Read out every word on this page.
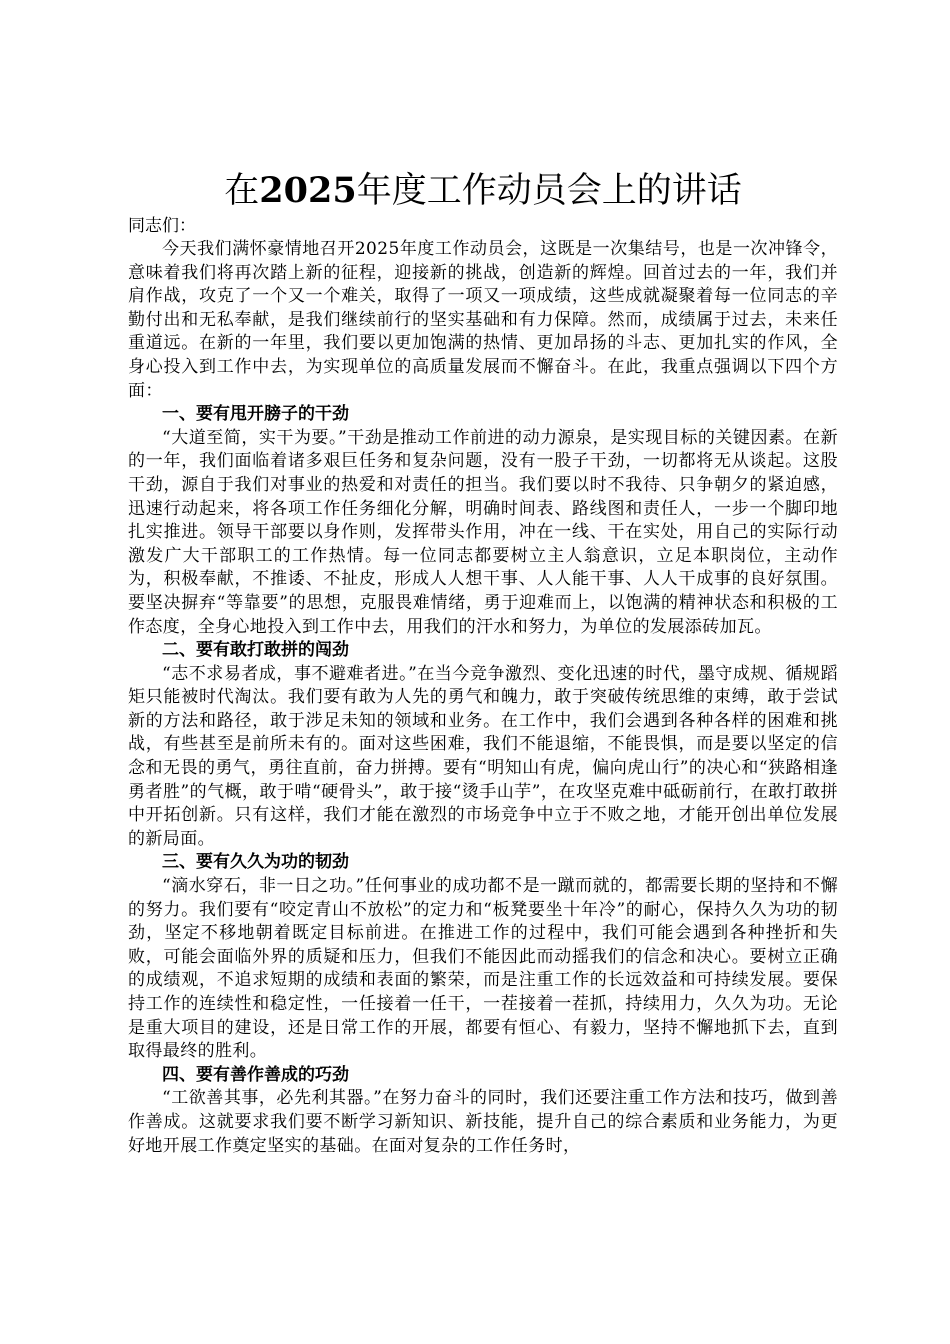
在2025年度工作动员会上的讲话

同志们：

今天我们满怀豪情地召开2025年度工作动员会，这既是一次集结号，也是一次冲锋令，意味着我们将再次踏上新的征程，迎接新的挑战，创造新的辉煌。回首过去的一年，我们并肩作战，攻克了一个又一个难关，取得了一项又一项成绩，这些成就凝聚着每一位同志的辛勤付出和无私奉献，是我们继续前行的坚实基础和有力保障。然而，成绩属于过去，未来任重道远。在新的一年里，我们要以更加饱满的热情、更加昂扬的斗志、更加扎实的作风，全身心投入到工作中去，为实现单位的高质量发展而不懈奋斗。在此，我重点强调以下四个方面：

一、要有甩开膀子的干劲

“大道至简，实干为要。”干劲是推动工作前进的动力源泉，是实现目标的关键因素。在新的一年，我们面临着诸多艰巨任务和复杂问题，没有一股子干劲，一切都将无从谈起。这股干劲，源自于我们对事业的热爱和对责任的担当。我们要以时不我待、只争朝夕的紧迫感，迅速行动起来，将各项工作任务细化分解，明确时间表、路线图和责任人，一步一个脚印地扎实推进。领导干部要以身作则，发挥带头作用，冲在一线、干在实处，用自己的实际行动激发广大干部职工的工作热情。每一位同志都要树立主人翁意识，立足本职岗位，主动作为，积极奉献，不推诿、不扯皮，形成人人想干事、人人能干事、人人干成事的良好氛围。要坚决摒弃“等靠要”的思想，克服畏难情绪，勇于迎难而上，以饱满的精神状态和积极的工作态度，全身心地投入到工作中去，用我们的汗水和努力，为单位的发展添砖加瓦。

二、要有敢打敢拼的闯劲

“志不求易者成，事不避难者进。”在当今竞争激烈、变化迅速的时代，墨守成规、循规蹈矩只能被时代淘汰。我们要有敢为人先的勇气和魄力，敢于突破传统思维的束缚，敢于尝试新的方法和路径，敢于涉足未知的领域和业务。在工作中，我们会遇到各种各样的困难和挑战，有些甚至是前所未有的。面对这些困难，我们不能退缩，不能畏惧，而是要以坚定的信念和无畏的勇气，勇往直前，奋力拼搏。要有“明知山有虎，偏向虎山行”的决心和“狭路相逢勇者胜”的气概，敢于啃“硬骨头”，敢于接“烫手山芋”，在攻坚克难中砥砺前行，在敢打敢拼中开拓创新。只有这样，我们才能在激烈的市场竞争中立于不败之地，才能开创出单位发展的新局面。

三、要有久久为功的韧劲

“滴水穿石，非一日之功。”任何事业的成功都不是一蹴而就的，都需要长期的坚持和不懈的努力。我们要有“咬定青山不放松”的定力和“板凳要坐十年冷”的耐心，保持久久为功的韧劲，坚定不移地朝着既定目标前进。在推进工作的过程中，我们可能会遇到各种挫折和失败，可能会面临外界的质疑和压力，但我们不能因此而动摇我们的信念和决心。要树立正确的成绩观，不追求短期的成绩和表面的繁荣，而是注重工作的长远效益和可持续发展。要保持工作的连续性和稳定性，一任接着一任干，一茬接着一茬抓，持续用力，久久为功。无论是重大项目的建设，还是日常工作的开展，都要有恒心、有毅力，坚持不懈地抓下去，直到取得最终的胜利。

四、要有善作善成的巧劲

“工欲善其事，必先利其器。”在努力奋斗的同时，我们还要注重工作方法和技巧，做到善作善成。这就要求我们要不断学习新知识、新技能，提升自己的综合素质和业务能力，为更好地开展工作奠定坚实的基础。在面对复杂的工作任务时，
